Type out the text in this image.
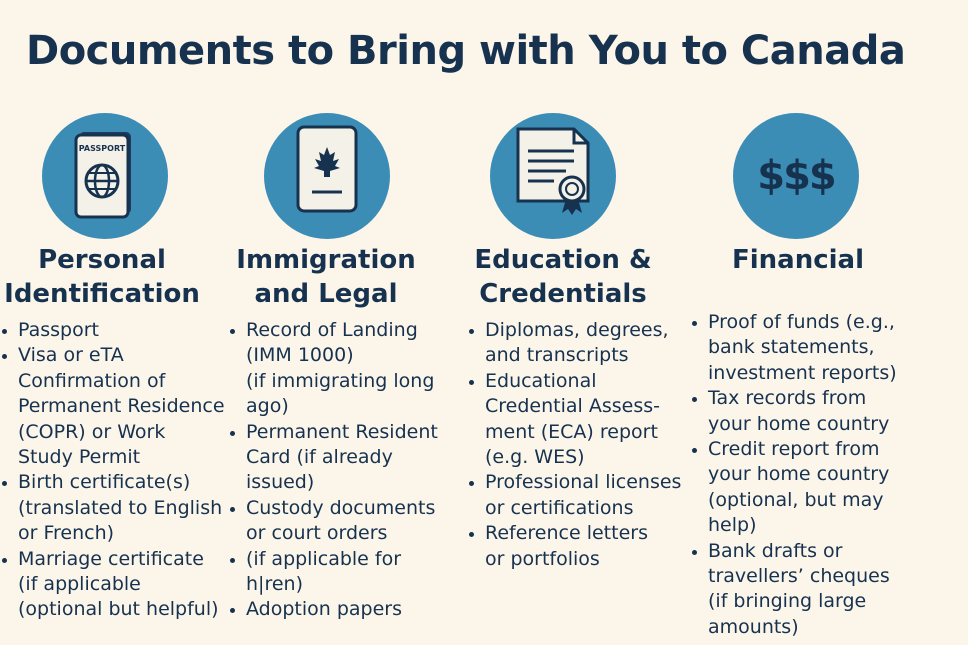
Documents to Bring with You to Canada
PASSPORT
Personal
Identification
Passport
Visa or eTA
Confirmation of
Permanent Residence
(COPR) or Work
Study Permit
Birth certificate(s)
(translated to English
or French)
Marriage certificate
(if applicable
(optional but helpful)
Immigration
and Legal
Record of Landing
(IMM 1000)
(if immigrating long
ago)
Permanent Resident
Card (if already
issued)
Custody documents
or court orders
(if applicable for h|ren)
Adoption papers
Education &
Credentials
Diplomas, degrees,
and transcripts
Educational
Credential Assess-
ment (ECA) report
(e.g. WES)
Professional licenses
or certifications
Reference letters
or portfolios
$$$
Financial
Proof of funds (e.g.,
bank statements,
investment reports)
Tax records from
your home country
Credit report from
your home country
(optional, but may
help)
Bank drafts or
travellers’ cheques
(if bringing large
amounts)
